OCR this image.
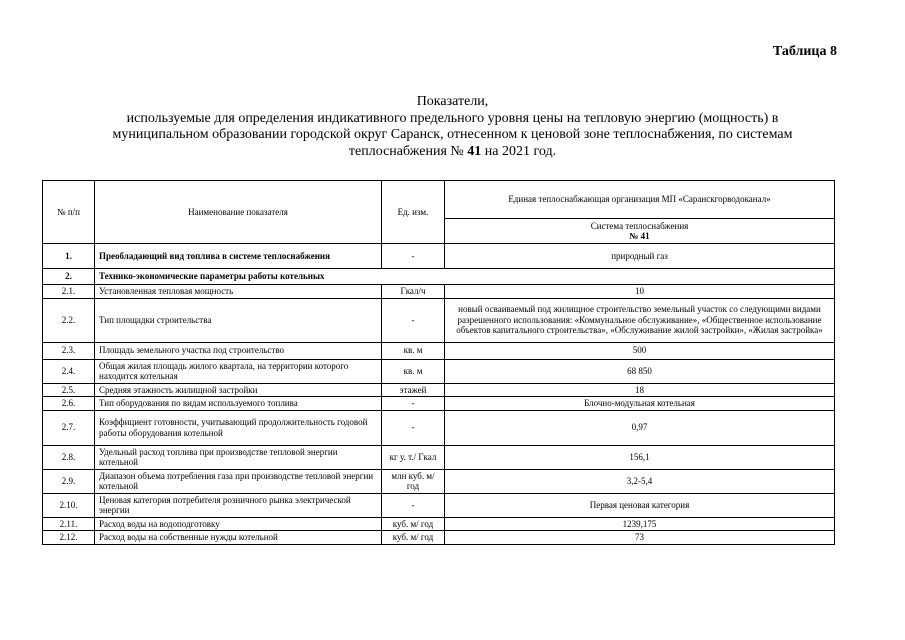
Таблица 8
Показатели,
используемые для определения индикативного предельного уровня цены на тепловую энергию (мощность) в
муниципальном образовании городской округ Саранск, отнесенном к ценовой зоне теплоснабжения, по системам
теплоснабжения № 41 на 2021 год.
№ п/п	Наименование показателя	Ед. изм.	Единая теплоснабжающая организация МП «Саранскгорводоканал»

			Система теплоснабжения
№ 41

1.	Преобладающий вид топлива в системе теплоснабжения	-	природный газ
2.	Технико-экономические параметры работы котельных		
2.1.	Установленная тепловая мощность	Гкал/ч	10
2.2.	Тип площадки строительства	-	новый осваиваемый под жилищное строительство земельный участок со следующими видами разрешенного использования: «Коммунальное обслуживание», «Общественное использование объектов капитального строительства», «Обслуживание жилой застройки», «Жилая застройка»
2.3.	Площадь земельного участка под строительство	кв. м	500
2.4.	Общая жилая площадь жилого квартала, на территории которого находится котельная	кв. м	68 850
2.5.	Средняя этажность жилищной застройки	этажей	18
2.6.	Тип оборудования по видам используемого топлива	-	Блочно-модульная котельная
2.7.	Коэффициент готовности, учитывающий продолжительность годовой работы оборудования котельной	-	0,97
2.8.	Удельный расход топлива при производстве тепловой энергии котельной	кг у. т./ Гкал	156,1
2.9.	Диапазон объема потребления газа при производстве тепловой энергии котельной	млн куб. м/год	3,2-5,4
2.10.	Ценовая категория потребителя розничного рынка электрической энергии	-	Первая ценовая категория
2.11.	Расход воды на водоподготовку	куб. м/ год	1239,175
2.12.	Расход воды на собственные нужды котельной	куб. м/ год	73
